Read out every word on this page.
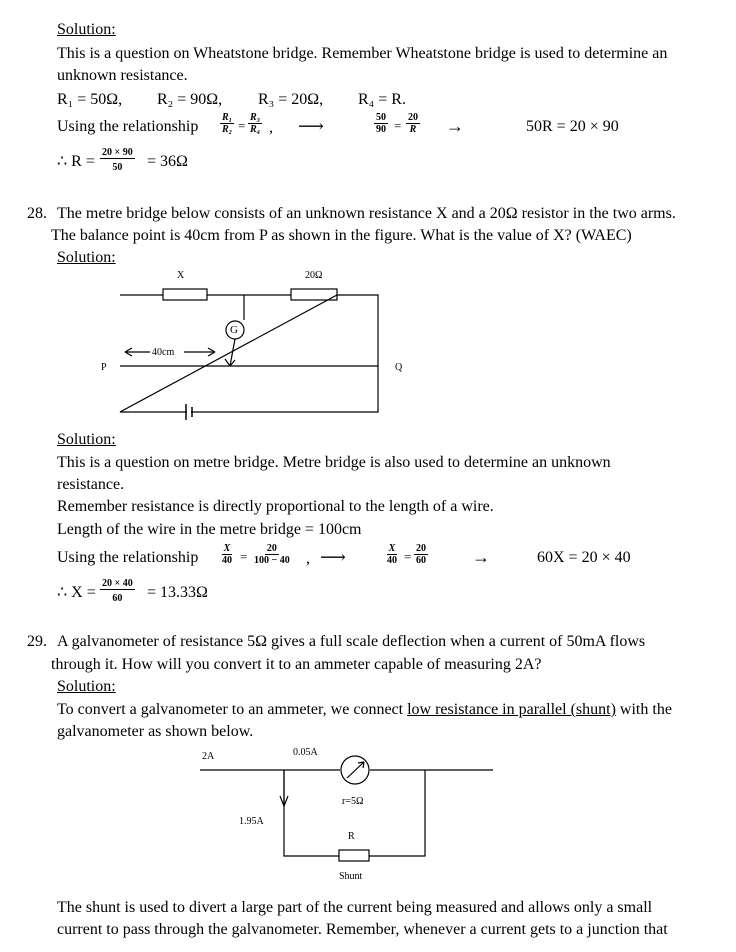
Solution:
This is a question on Wheatstone bridge. Remember Wheatstone bridge is used to determine an
unknown resistance.
R₁ = 50Ω, R₂ = 90Ω, R₃ = 20Ω, R₄ = R.
Using the relationship $\frac{\text{R₁}}{\text{R₂}} = \frac{\text{R₃}}{\text{R₄}}$ , ⟶	$\frac{50}{90} = \frac{20}{R}$ →	50R = 20 × 90
∴ $R = \frac{20 \times 90}{50} = 36\Omega$
28. The metre bridge below consists of an unknown resistance X and a 20Ω resistor in the two arms.
The balance point is 40cm from P as shown in the figure. What is the value of X? (WAEC)
Solution:
X	20Ω
G
40cm
P	Q
Solution:
This is a question on metre bridge. Metre bridge is also used to determine an unknown
resistance.
Remember resistance is directly proportional to the length of a wire.
Length of the wire in the metre bridge = 100cm
Using the relationship $\frac{X}{40} = \frac{20}{100 - 40}$ , ⟶	$\frac{X}{40} = \frac{20}{60}$ →	60X = 20 × 40
∴ $X = \frac{20 \times 40}{60} = 13.33\Omega$
29. A galvanometer of resistance 5Ω gives a full scale deflection when a current of 50mA flows
through it. How will you convert it to an ammeter capable of measuring 2A?
Solution:
To convert a galvanometer to an ammeter, we connect low resistance in parallel (shunt) with the
galvanometer as shown below.
2A	0.05A
r=5Ω
1.95A
R
Shunt
The shunt is used to divert a large part of the current being measured and allows only a small
current to pass through the galvanometer. Remember, whenever a current gets to a junction that
